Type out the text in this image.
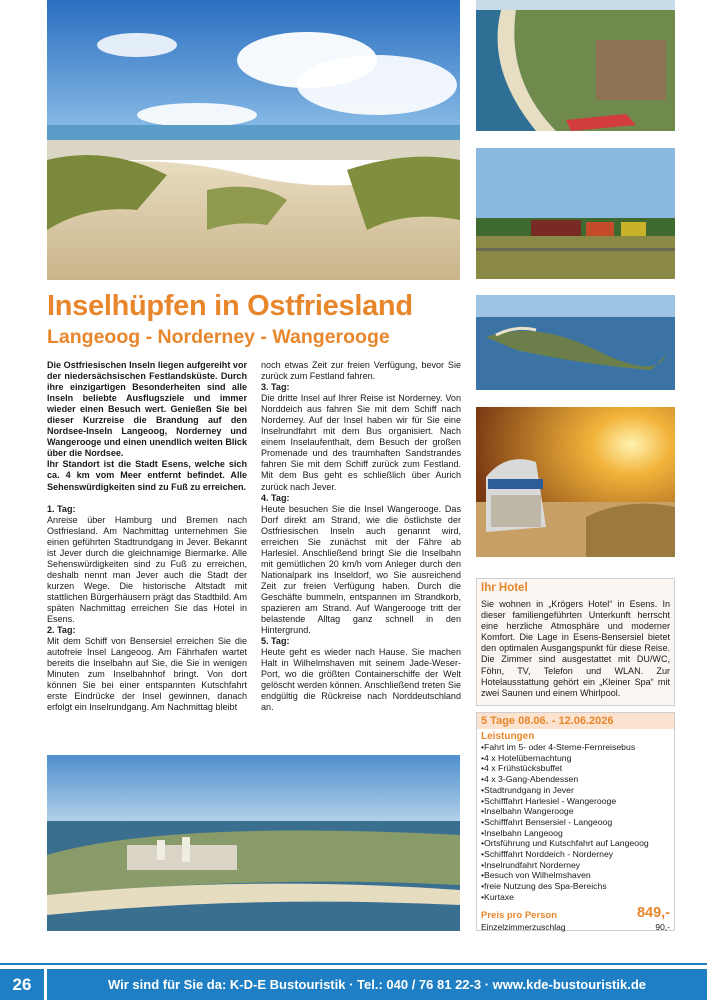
Inselhüpfen in Ostfriesland
Langeoog - Norderney - Wangerooge

Die Ostfriesischen Inseln liegen aufgereiht vor der niedersächsischen Festlandsküste. Durch ihre einzigartigen Besonderheiten sind alle Inseln beliebte Ausflugsziele und immer wieder einen Besuch wert. Genießen Sie bei dieser Kurzreise die Brandung auf den Nordsee-Inseln Langeoog, Norderney und Wangerooge und einen unendlich weiten Blick über die Nordsee.

Ihr Standort ist die Stadt Esens, welche sich ca. 4 km vom Meer entfernt befindet. Alle Sehenswürdigkeiten sind zu Fuß zu erreichen.

1. Tag:

Anreise über Hamburg und Bremen nach Ostfriesland. Am Nachmittag unternehmen Sie einen geführten Stadtrundgang in Jever. Bekannt ist Jever durch die gleichnamige Biermarke. Alle Sehenswürdigkeiten sind zu Fuß zu erreichen, deshalb nennt man Jever auch die Stadt der kurzen Wege. Die historische Altstadt mit stattlichen Bürgerhäusern prägt das Stadtbild. Am späten Nachmittag erreichen Sie das Hotel in Esens.

2. Tag:

Mit dem Schiff von Bensersiel erreichen Sie die autofreie Insel Langeoog. Am Fährhafen wartet bereits die Inselbahn auf Sie, die Sie in wenigen Minuten zum Inselbahnhof bringt. Von dort können Sie bei einer entspannten Kutschfahrt erste Eindrücke der Insel gewinnen, danach erfolgt ein Inselrundgang. Am Nachmittag bleibt

noch etwas Zeit zur freien Verfügung, bevor Sie zurück zum Festland fahren.

3. Tag:

Die dritte Insel auf Ihrer Reise ist Norderney. Von Norddeich aus fahren Sie mit dem Schiff nach Norderney. Auf der Insel haben wir für Sie eine Inselrundfahrt mit dem Bus organisiert. Nach einem Inselaufenthalt, dem Besuch der großen Promenade und des traumhaften Sandstrandes fahren Sie mit dem Schiff zurück zum Festland. Mit dem Bus geht es schließlich über Aurich zurück nach Jever.

4. Tag:

Heute besuchen Sie die Insel Wangerooge. Das Dorf direkt am Strand, wie die östlichste der Ostfriesischen Inseln auch genannt wird, erreichen Sie zunächst mit der Fähre ab Harlesiel. Anschließend bringt Sie die Inselbahn mit gemütlichen 20 km/h vom Anleger durch den Nationalpark ins Inseldorf, wo Sie ausreichend Zeit zur freien Verfügung haben. Durch die Geschäfte bummeln, entspannen im Strandkorb, spazieren am Strand. Auf Wangerooge tritt der belastende Alltag ganz schnell in den Hintergrund.

5. Tag:

Heute geht es wieder nach Hause. Sie machen Halt in Wilhelmshaven mit seinem Jade-Weser-Port, wo die größten Containerschiffe der Welt gelöscht werden können. Anschließend treten Sie endgültig die Rückreise nach Norddeutschland an.

Ihr Hotel

Sie wohnen in „Krögers Hotel“ in Esens. In dieser familiengeführten Unterkunft herrscht eine herzliche Atmosphäre und moderner Komfort. Die Lage in Esens-Bensersiel bietet den optimalen Ausgangspunkt für diese Reise. Die Zimmer sind ausgestattet mit DU/WC, Föhn, TV, Telefon und WLAN. Zur Hotelausstattung gehört ein „Kleiner Spa“ mit zwei Saunen und einem Whirlpool.

5 Tage 08.06. - 12.06.2026
Leistungen
• Fahrt im 5- oder 4-Sterne-Fernreisebus
• 4 x Hotelübernachtung
• 4 x Frühstücksbuffet
• 4 x 3-Gang-Abendessen
• Stadtrundgang in Jever
• Schifffahrt Harlesiel - Wangerooge
• Inselbahn Wangerooge
• Schifffahrt Bensersiel - Langeoog
• Inselbahn Langeoog
• Ortsführung und Kutschfahrt auf Langeoog
• Schifffahrt Norddeich - Norderney
• Inselrundfahrt Norderney
• Besuch von Wilhelmshaven
• freie Nutzung des Spa-Bereichs
• Kurtaxe
Preis pro Person	849,-
Einzelzimmerzuschlag	90,-
26	Wir sind für Sie da: K-D-E Bustouristik · Tel.: 040 / 76 81 22-3 · www.kde-bustouristik.de
